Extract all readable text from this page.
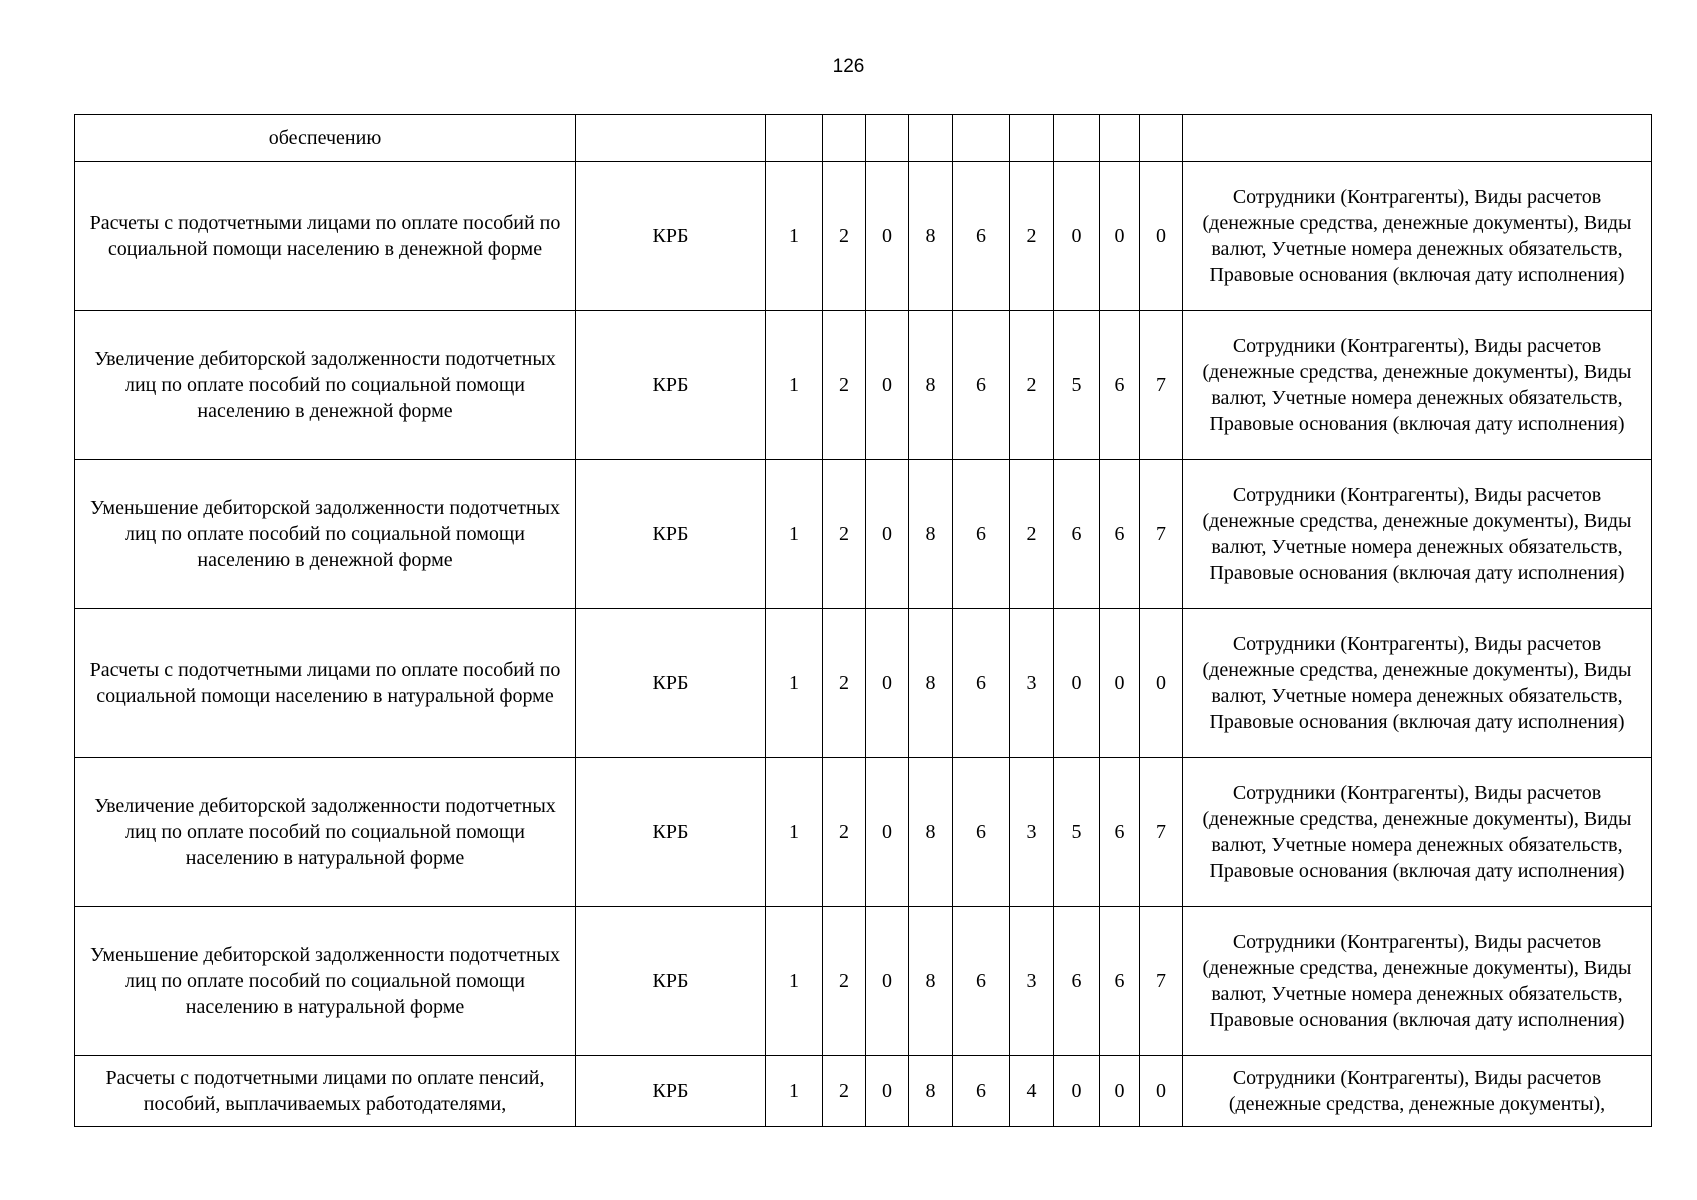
126
обеспечению											
Расчеты с подотчетными лицами по оплате пособий по социальной помощи населению в денежной форме	КРБ	1	2	0	8	6	2	0	0	0	Сотрудники (Контрагенты), Виды расчетов (денежные средства, денежные документы), Виды валют, Учетные номера денежных обязательств, Правовые основания (включая дату исполнения)
Увеличение дебиторской задолженности подотчетных лиц по оплате пособий по социальной помощи населению в денежной форме	КРБ	1	2	0	8	6	2	5	6	7	Сотрудники (Контрагенты), Виды расчетов (денежные средства, денежные документы), Виды валют, Учетные номера денежных обязательств, Правовые основания (включая дату исполнения)
Уменьшение дебиторской задолженности подотчетных лиц по оплате пособий по социальной помощи населению в денежной форме	КРБ	1	2	0	8	6	2	6	6	7	Сотрудники (Контрагенты), Виды расчетов (денежные средства, денежные документы), Виды валют, Учетные номера денежных обязательств, Правовые основания (включая дату исполнения)
Расчеты с подотчетными лицами по оплате пособий по социальной помощи населению в натуральной форме	КРБ	1	2	0	8	6	3	0	0	0	Сотрудники (Контрагенты), Виды расчетов (денежные средства, денежные документы), Виды валют, Учетные номера денежных обязательств, Правовые основания (включая дату исполнения)
Увеличение дебиторской задолженности подотчетных лиц по оплате пособий по социальной помощи населению в натуральной форме	КРБ	1	2	0	8	6	3	5	6	7	Сотрудники (Контрагенты), Виды расчетов (денежные средства, денежные документы), Виды валют, Учетные номера денежных обязательств, Правовые основания (включая дату исполнения)
Уменьшение дебиторской задолженности подотчетных лиц по оплате пособий по социальной помощи населению в натуральной форме	КРБ	1	2	0	8	6	3	6	6	7	Сотрудники (Контрагенты), Виды расчетов (денежные средства, денежные документы), Виды валют, Учетные номера денежных обязательств, Правовые основания (включая дату исполнения)
Расчеты с подотчетными лицами по оплате пенсий, пособий, выплачиваемых работодателями,	КРБ	1	2	0	8	6	4	0	0	0	Сотрудники (Контрагенты), Виды расчетов (денежные средства, денежные документы),
